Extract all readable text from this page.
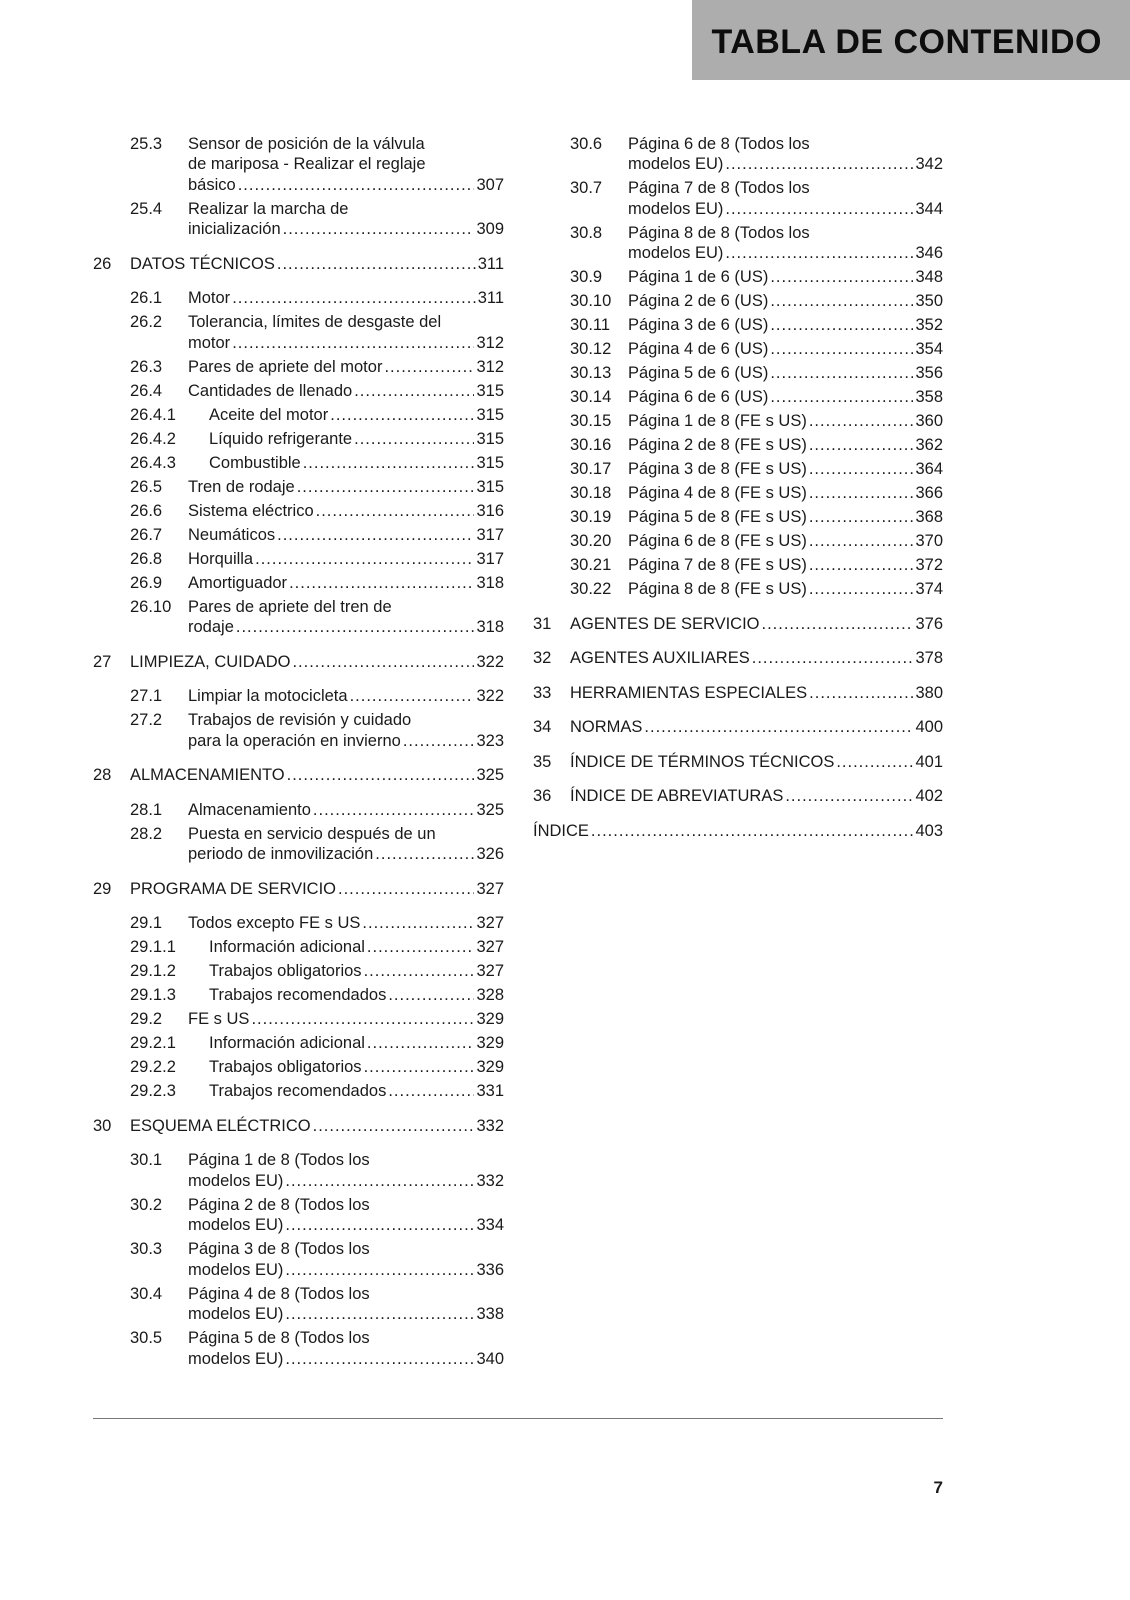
TABLA DE CONTENIDO
25.3 Sensor de posición de la válvula
de mariposa - Realizar el reglaje
básico .....	307
25.4 Realizar la marcha de
inicialización .....	309
26 DATOS TÉCNICOS .....	311
26.1 Motor .....	311
26.2 Tolerancia, límites de desgaste del
motor .....	312
26.3 Pares de apriete del motor .....	312
26.4 Cantidades de llenado .....	315
26.4.1 Aceite del motor .....	315
26.4.2 Líquido refrigerante .....	315
26.4.3 Combustible .....	315
26.5 Tren de rodaje .....	315
26.6 Sistema eléctrico .....	316
26.7 Neumáticos .....	317
26.8 Horquilla .....	317
26.9 Amortiguador .....	318
26.10 Pares de apriete del tren de
rodaje .....	318
27 LIMPIEZA, CUIDADO .....	322
27.1 Limpiar la motocicleta .....	322
27.2 Trabajos de revisión y cuidado
para la operación en invierno .....	323
28 ALMACENAMIENTO .....	325
28.1 Almacenamiento .....	325
28.2 Puesta en servicio después de un
periodo de inmovilización .....	326
29 PROGRAMA DE SERVICIO .....	327
29.1 Todos excepto FE s US .....	327
29.1.1 Información adicional .....	327
29.1.2 Trabajos obligatorios .....	327
29.1.3 Trabajos recomendados .....	328
29.2 FE s US .....	329
29.2.1 Información adicional .....	329
29.2.2 Trabajos obligatorios .....	329
29.2.3 Trabajos recomendados .....	331
30 ESQUEMA ELÉCTRICO .....	332
30.1 Página 1 de 8 (Todos los
modelos EU) .....	332
30.2 Página 2 de 8 (Todos los
modelos EU) .....	334
30.3 Página 3 de 8 (Todos los
modelos EU) .....	336
30.4 Página 4 de 8 (Todos los
modelos EU) .....	338
30.5 Página 5 de 8 (Todos los
modelos EU) .....	340
30.6 Página 6 de 8 (Todos los
modelos EU) .....	342
30.7 Página 7 de 8 (Todos los
modelos EU) .....	344
30.8 Página 8 de 8 (Todos los
modelos EU) .....	346
30.9 Página 1 de 6 (US) .....	348
30.10 Página 2 de 6 (US) .....	350
30.11 Página 3 de 6 (US) .....	352
30.12 Página 4 de 6 (US) .....	354
30.13 Página 5 de 6 (US) .....	356
30.14 Página 6 de 6 (US) .....	358
30.15 Página 1 de 8 (FE s US) .....	360
30.16 Página 2 de 8 (FE s US) .....	362
30.17 Página 3 de 8 (FE s US) .....	364
30.18 Página 4 de 8 (FE s US) .....	366
30.19 Página 5 de 8 (FE s US) .....	368
30.20 Página 6 de 8 (FE s US) .....	370
30.21 Página 7 de 8 (FE s US) .....	372
30.22 Página 8 de 8 (FE s US) .....	374
31 AGENTES DE SERVICIO .....	376
32 AGENTES AUXILIARES .....	378
33 HERRAMIENTAS ESPECIALES .....	380
34 NORMAS .....	400
35 ÍNDICE DE TÉRMINOS TÉCNICOS .....	401
36 ÍNDICE DE ABREVIATURAS .....	402
ÍNDICE .....	403
7
